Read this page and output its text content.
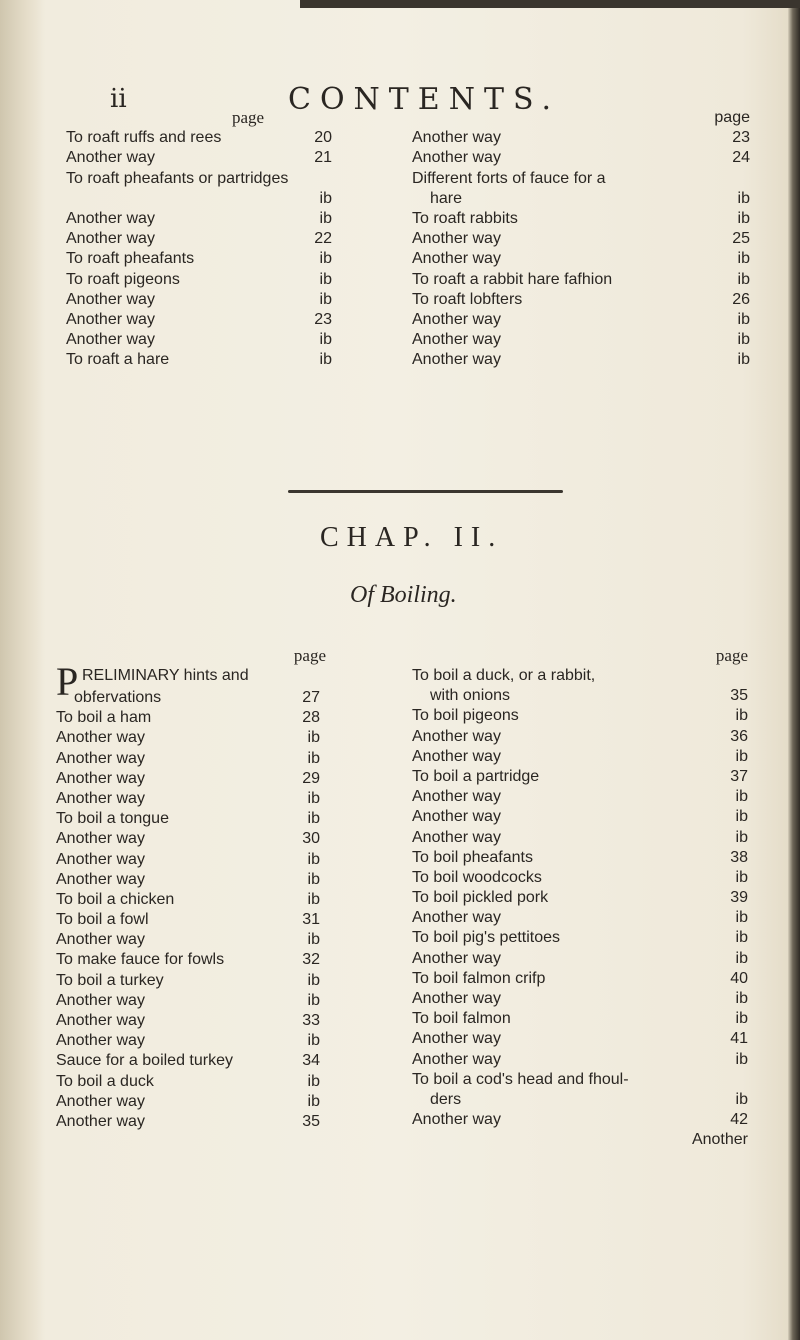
ii	CONTENTS.
page
To roaft ruffs and rees	20
Another way	21
To roaft pheafants or partridges
ib
Another way	ib
Another way	22
To roaft pheafants	ib
To roaft pigeons	ib
Another way	ib
Another way	23
Another way	ib
To roaft a hare	ib
page
Another way	23
Another way	24
Different forts of fauce for a
hare	ib
To roaft rabbits	ib
Another way	25
Another way	ib
To roaft a rabbit hare fafhion	ib
To roaft lobfters	26
Another way	ib
Another way	ib
Another way	ib
CHAP. II.
Of Boiling.
page
P RELIMINARY hints and
obfervations	27
To boil a ham	28
Another way	ib
Another way	ib
Another way	29
Another way	ib
To boil a tongue	ib
Another way	30
Another way	ib
Another way	ib
To boil a chicken	ib
To boil a fowl	31
Another way	ib
To make fauce for fowls	32
To boil a turkey	ib
Another way	ib
Another way	33
Another way	ib
Sauce for a boiled turkey	34
To boil a duck	ib
Another way	ib
Another way	35
page
To boil a duck, or a rabbit,
with onions	35
To boil pigeons	ib
Another way	36
Another way	ib
To boil a partridge	37
Another way	ib
Another way	ib
Another way	ib
To boil pheafants	38
To boil woodcocks	ib
To boil pickled pork	39
Another way	ib
To boil pig's pettitoes	ib
Another way	ib
To boil falmon crifp	40
Another way	ib
To boil falmon	ib
Another way	41
Another way	ib
To boil a cod's head and fhoul-
ders	ib
Another way	42
Another
